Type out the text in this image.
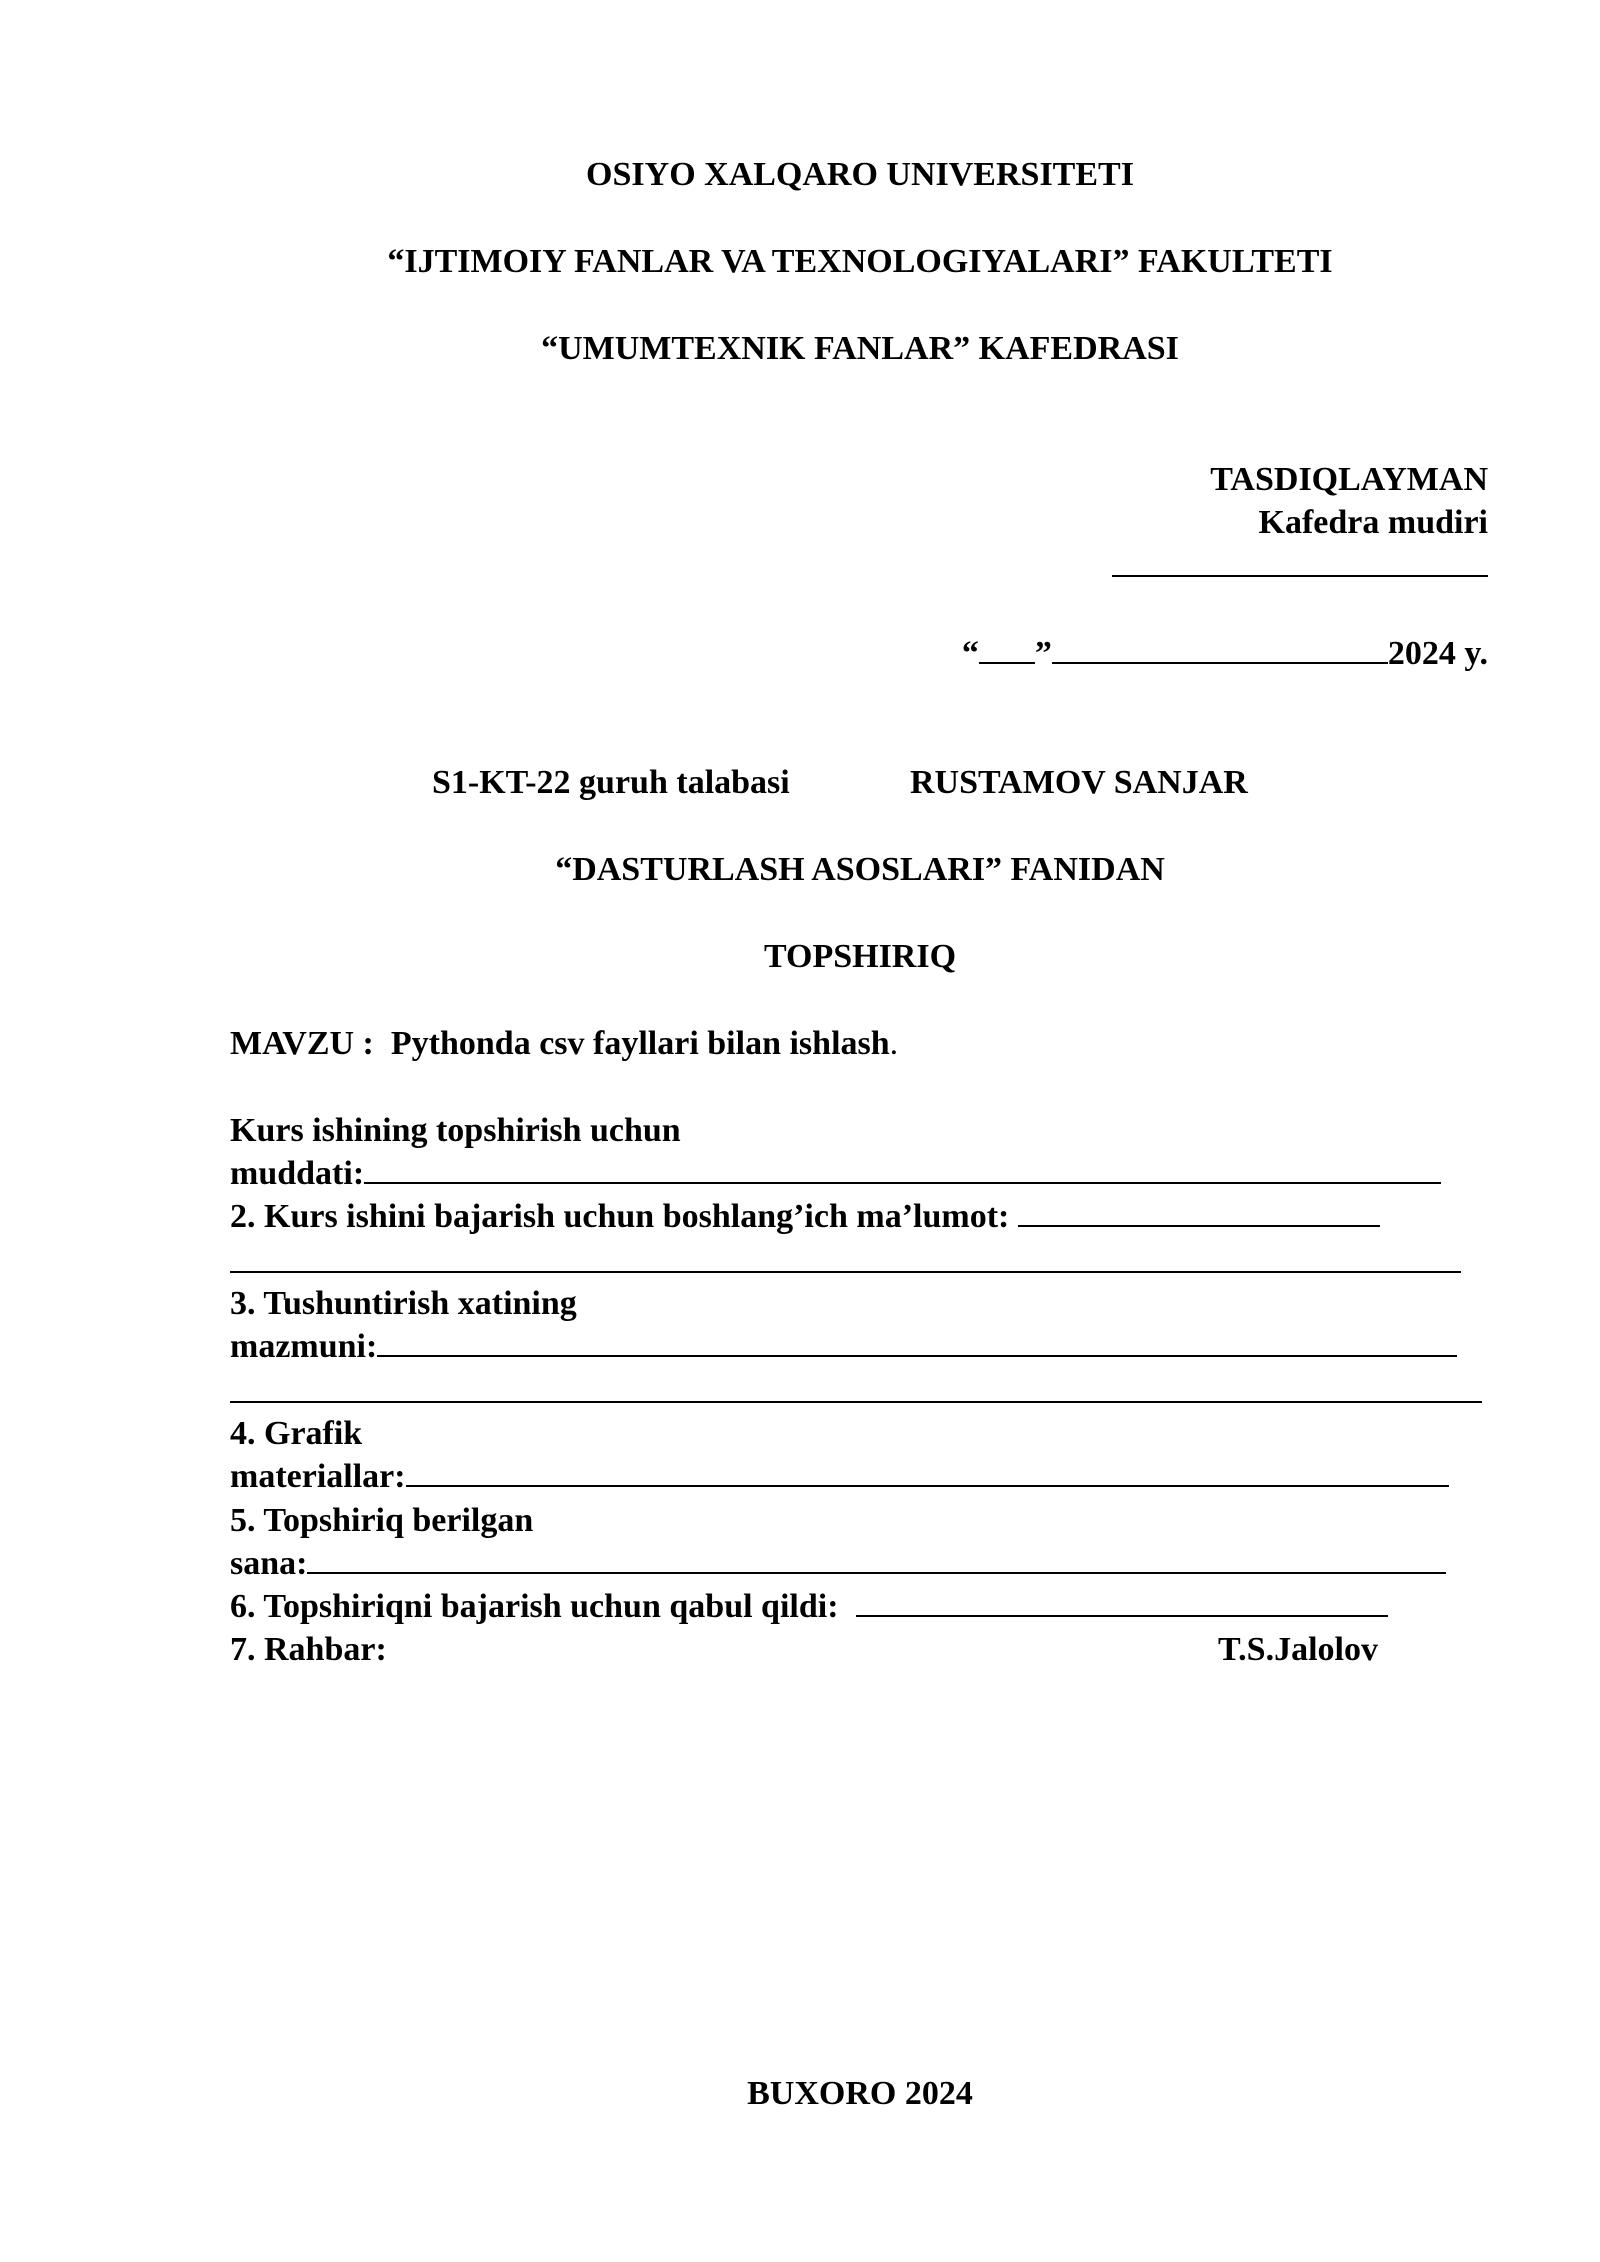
OSIYO XALQARO UNIVERSITETI
“IJTIMOIY FANLAR VA TEXNOLOGIYALARI” FAKULTETI
“UMUMTEXNIK FANLAR” KAFEDRASI
TASDIQLAYMAN
Kafedra mudiri
“ ”	2024 y.
S1-KT-22 guruh talabasi	RUSTAMOV SANJAR
“DASTURLASH ASOSLARI” FANIDAN
TOPSHIRIQ
MAVZU : Pythonda csv fayllari bilan ishlash.
Kurs ishining topshirish uchun
muddati:
2. Kurs ishini bajarish uchun boshlang’ich ma’lumot:
3. Tushuntirish xatining
mazmuni:
4. Grafik
materiallar:
5. Topshiriq berilgan
sana:
6. Topshiriqni bajarish uchun qabul qildi:
7. Rahbar:	T.S.Jalolov
BUXORO 2024
